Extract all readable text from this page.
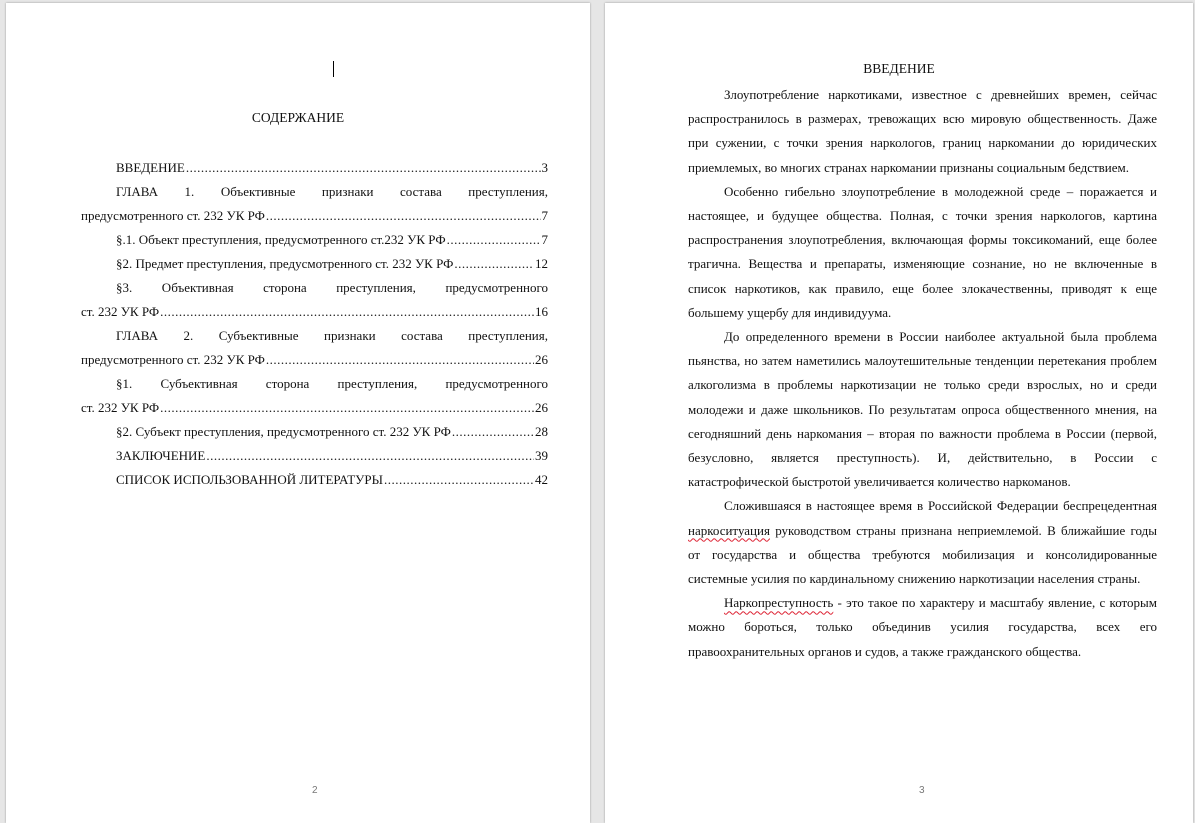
СОДЕРЖАНИЕ
ВВЕДЕНИЕ .....	3
ГЛАВА 1. Объективные признаки состава преступления,
предусмотренного ст. 232 УК РФ .....	7
§.1. Объект преступления, предусмотренного ст.232 УК РФ .....	7
§2. Предмет преступления, предусмотренного ст. 232 УК РФ .....	12
§3. Объективная сторона преступления, предусмотренного
ст. 232 УК РФ .....	16
ГЛАВА 2. Субъективные признаки состава преступления,
предусмотренного ст. 232 УК РФ .....	26
§1. Субъективная сторона преступления, предусмотренного
ст. 232 УК РФ .....	26
§2. Субъект преступления, предусмотренного ст. 232 УК РФ .....	28
ЗАКЛЮЧЕНИЕ .....	39
СПИСОК ИСПОЛЬЗОВАННОЙ ЛИТЕРАТУРЫ .....	42
2
ВВЕДЕНИЕ

Злоупотребление наркотиками, известное с древнейших времен, сейчас распространилось в размерах, тревожащих всю мировую общественность. Даже при сужении, с точки зрения наркологов, границ наркомании до юридических приемлемых, во многих странах наркомании признаны социальным бедствием.

Особенно гибельно злоупотребление в молодежной среде – поражается и настоящее, и будущее общества. Полная, с точки зрения наркологов, картина распространения злоупотребления, включающая формы токсикоманий, еще более трагична. Вещества и препараты, изменяющие сознание, но не включенные в список наркотиков, как правило, еще более злокачественны, приводят к еще большему ущербу для индивидуума.

До определенного времени в России наиболее актуальной была проблема пьянства, но затем наметились малоутешительные тенденции перетекания проблем алкоголизма в проблемы наркотизации не только среди взрослых, но и среди молодежи и даже школьников. По результатам опроса общественного мнения, на сегодняшний день наркомания – вторая по важности проблема в России (первой, безусловно, является преступность). И, действительно, в России с катастрофической быстротой увеличивается количество наркоманов.

Сложившаяся в настоящее время в Российской Федерации беспрецедентная наркоситуация руководством страны признана неприемлемой. В ближайшие годы от государства и общества требуются мобилизация и консолидированные системные усилия по кардинальному снижению наркотизации населения страны.

Наркопреступность - это такое по характеру и масштабу явление, с которым можно бороться, только объединив усилия государства, всех его правоохранительных органов и судов, а также гражданского общества.

3
